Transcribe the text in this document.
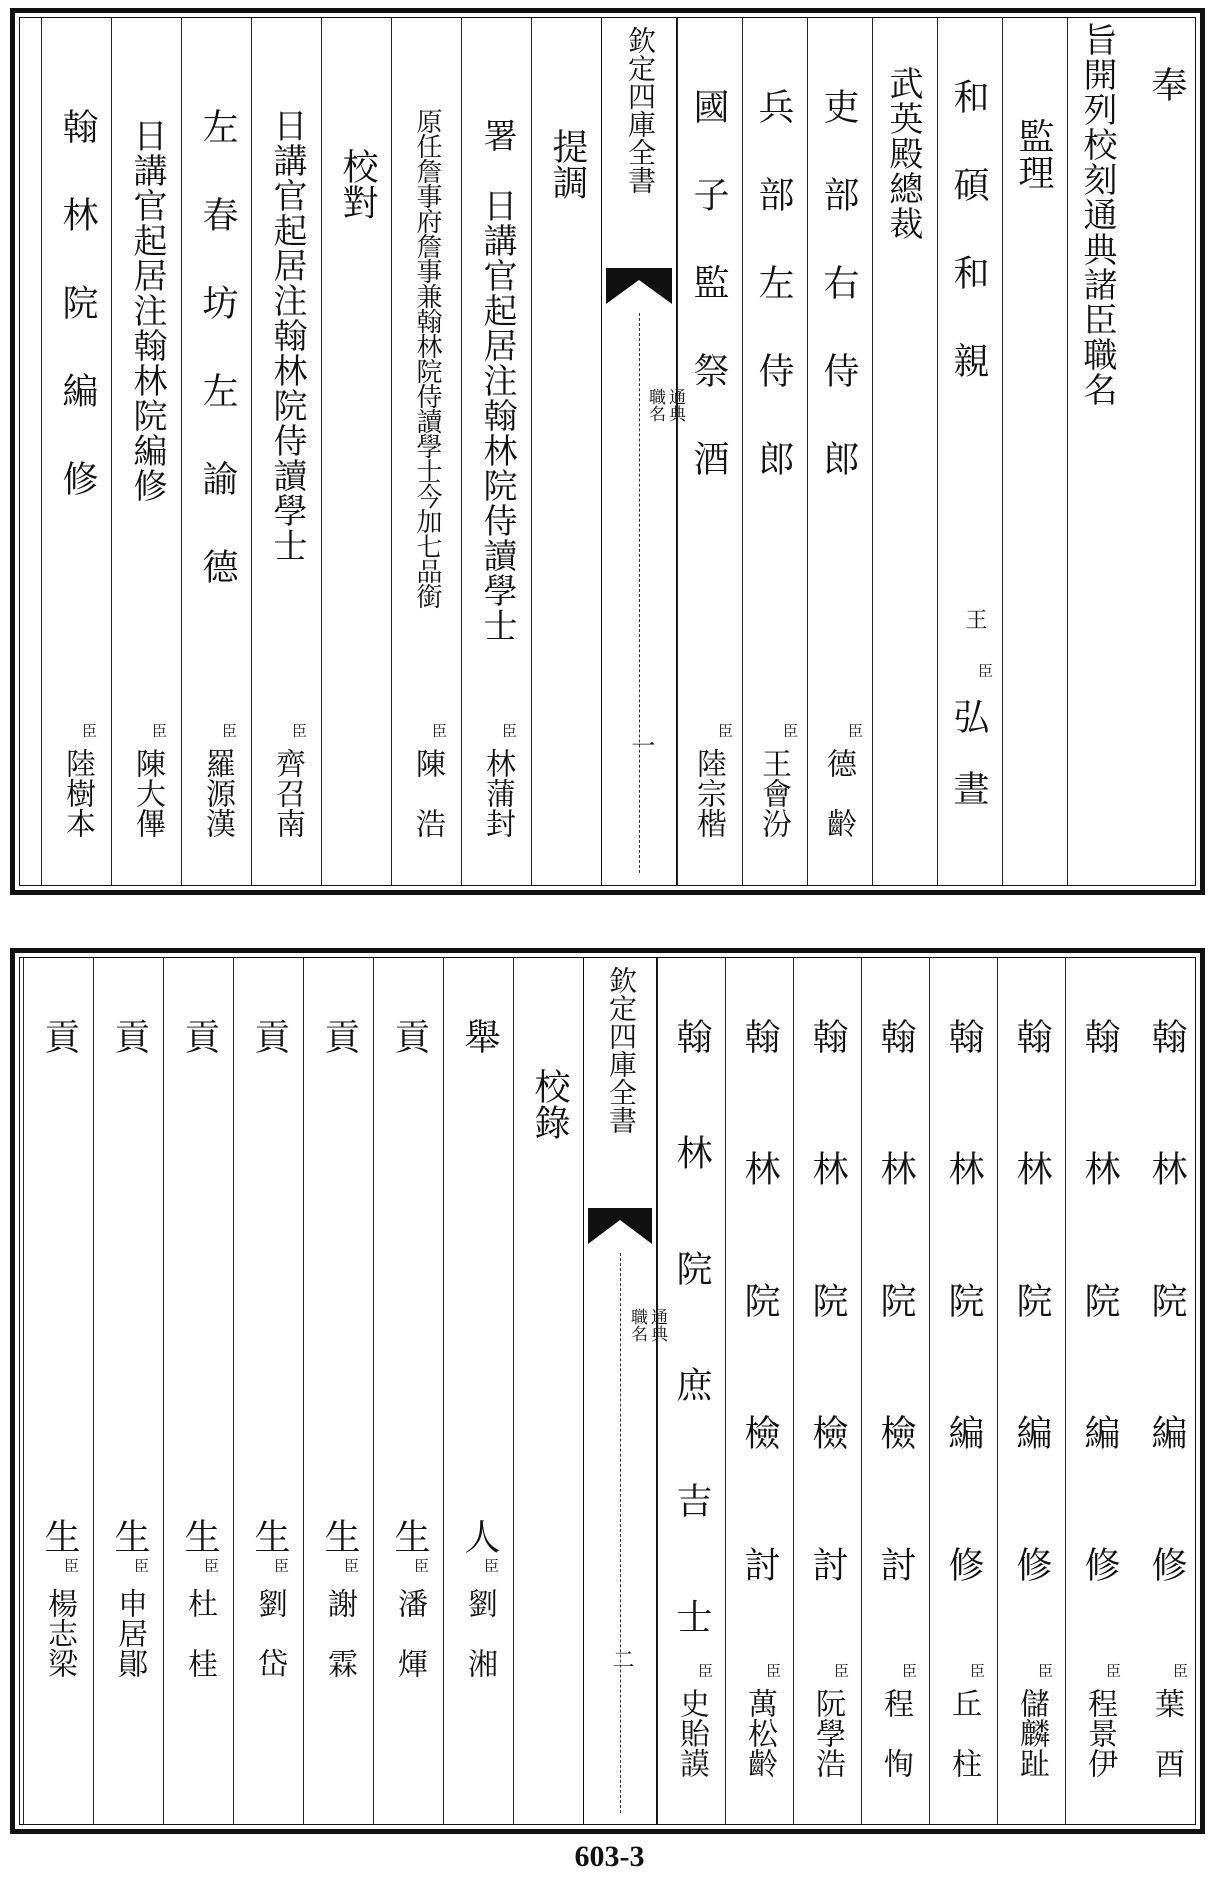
奉
旨開列校刻通典諸臣職名
監理
和　碩　和　親
王
臣
弘　晝
武英殿總裁
吏　部　右　侍　郎
臣
德　齡
兵　部　左　侍　郎
臣
王會汾
國　子　監　祭　酒
臣
陸宗楷
欽定四庫全書
通典
職名
一
提調
署　日講官起居注翰林院侍讀學士
臣
林蒲封
原任詹事府詹事兼翰林院侍讀學士今加七品銜
臣
陳　浩
校對
日講官起居注翰林院侍讀學士
臣
齊召南
左　春　坊　左　諭　德
臣
羅源漢
日講官起居注翰林院編修
臣
陳大𠌫
翰　林　院　編　修
臣
陸樹本
翰　林　院　編　修
臣
葉　酉
翰　林　院　編　修
臣
程景伊
翰　林　院　編　修
臣
儲麟趾
翰　林　院　編　修
臣
丘　柱
翰　林　院　檢　討
臣
程　恂
翰　林　院　檢　討
臣
阮學浩
翰　林　院　檢　討
臣
萬松齡
翰　林　院　庶　吉　士
臣
史貽謨
欽定四庫全書
通典
職名
二
校錄
舉
人
臣
劉　湘
貢
生
臣
潘　煇
貢
生
臣
謝　霖
貢
生
臣
劉　岱
貢
生
臣
杜　桂
貢
生
臣
申居鄖
貢
生
臣
楊志梁
603-3
